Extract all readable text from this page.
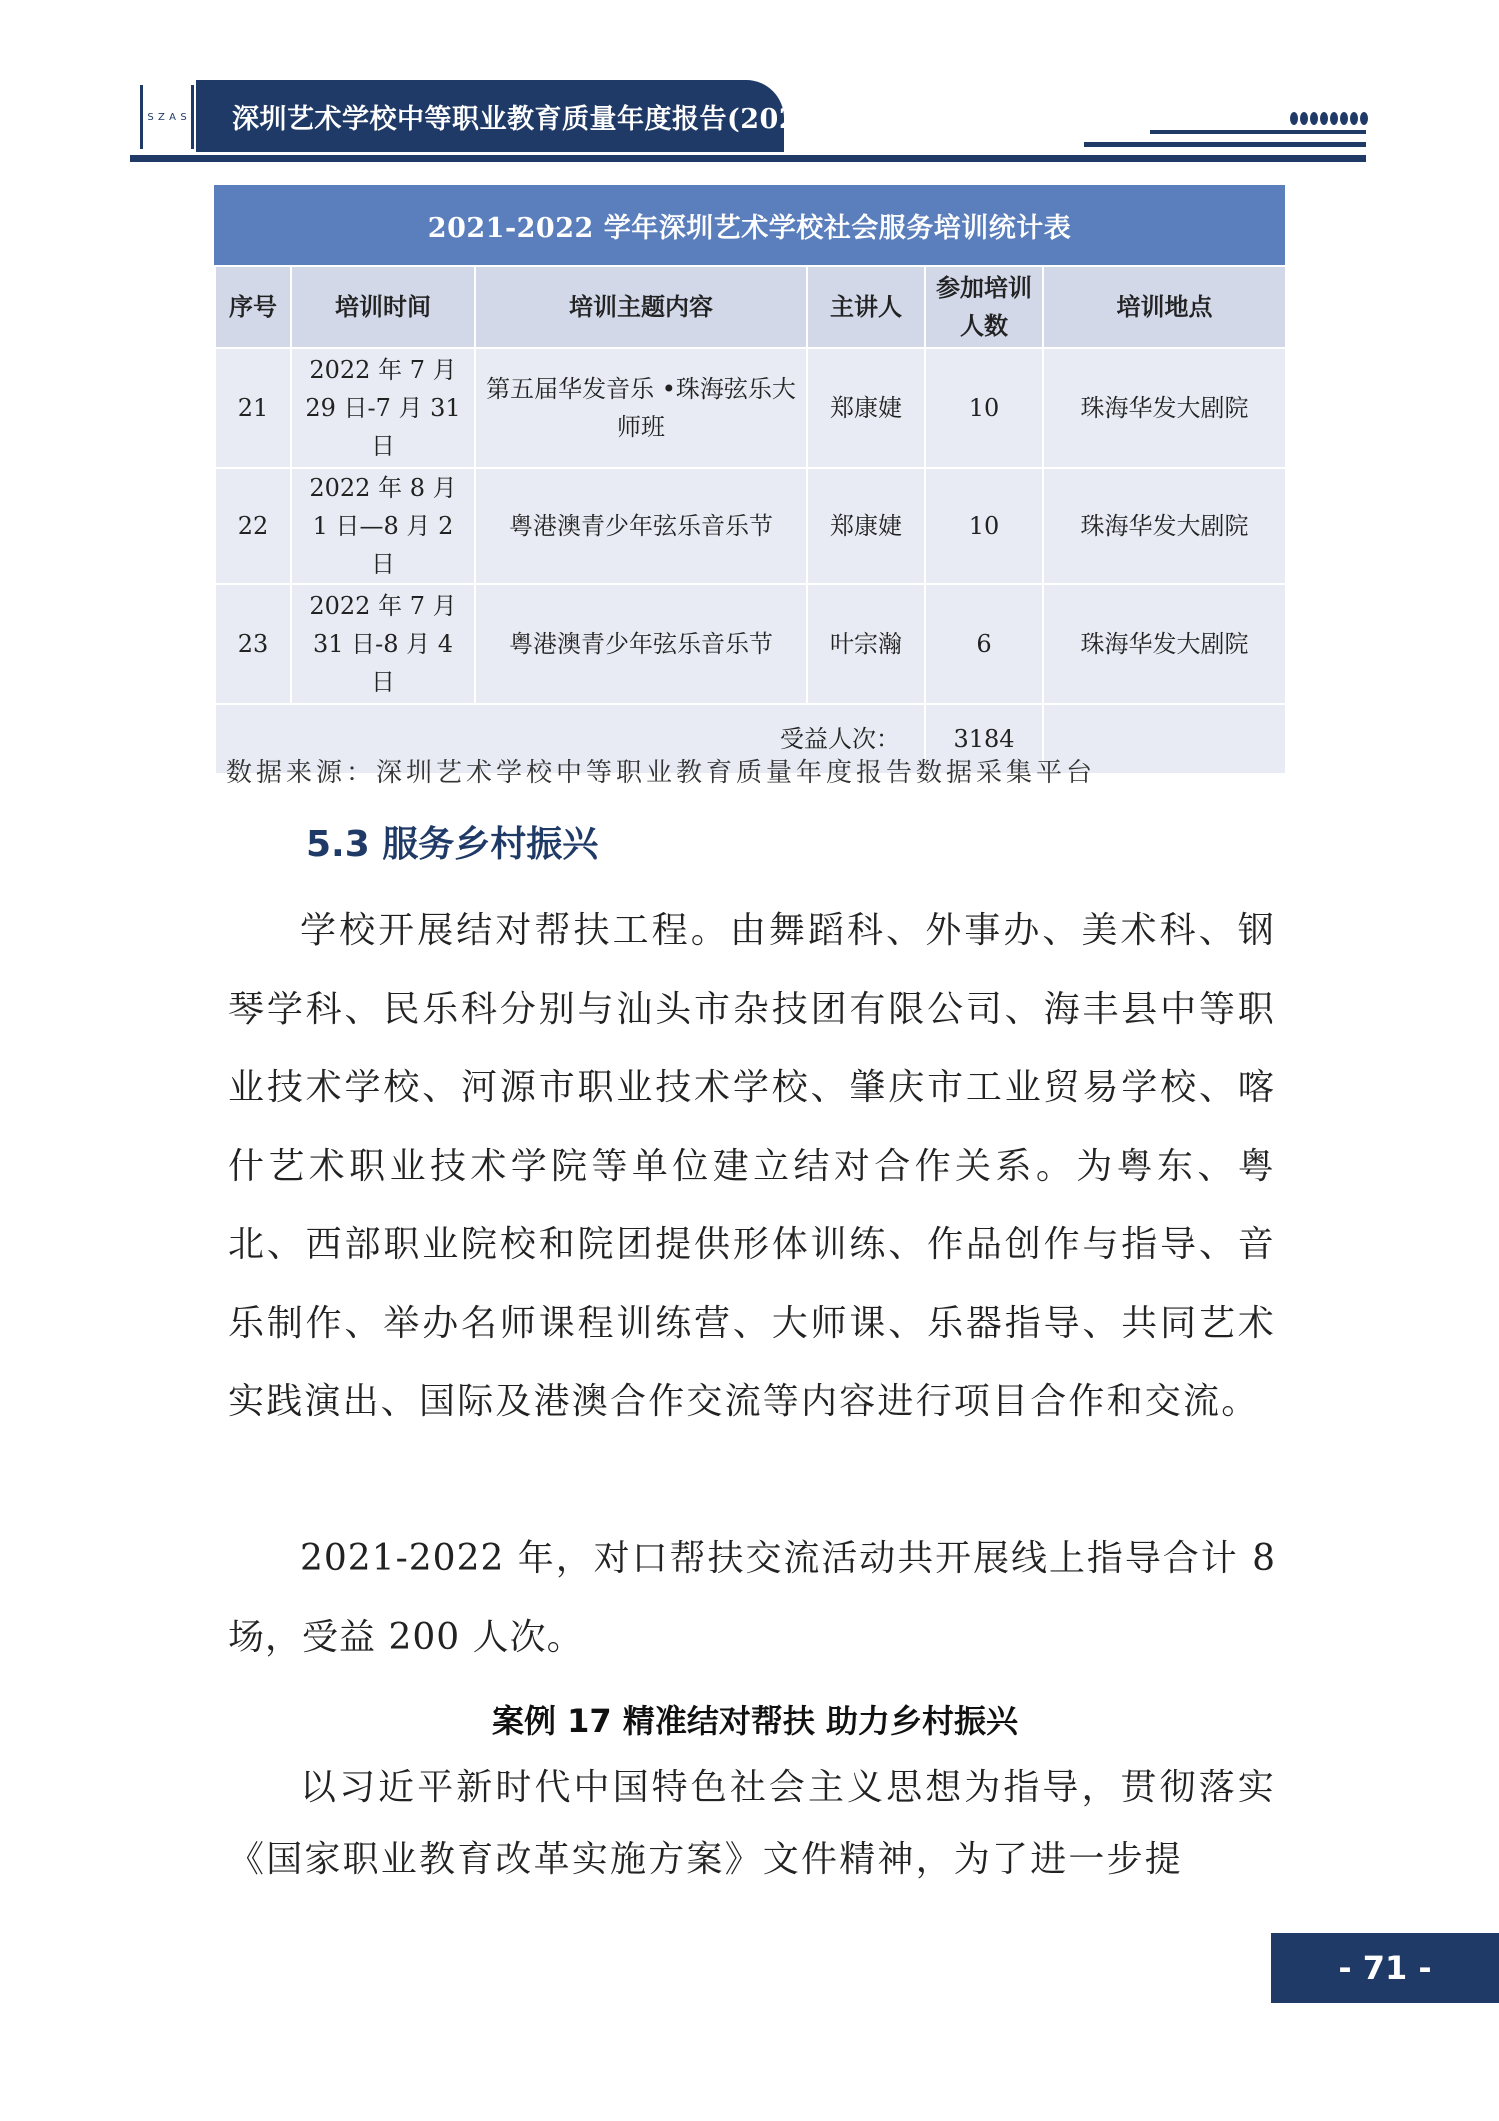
S Z A S 深圳艺术学校中等职业教育质量年度报告(2023)
2021-2022 学年深圳艺术学校社会服务培训统计表
序号	培训时间	培训主题内容	主讲人	参加培训人数	培训地点
21	2022 年 7 月 29 日-7 月 31 日	第五届华发音乐 •珠海弦乐大师班	郑康婕	10	珠海华发大剧院
22	2022 年 8 月 1 日—8 月 2 日	粤港澳青少年弦乐音乐节	郑康婕	10	珠海华发大剧院
23	2022 年 7 月 31 日-8 月 4 日	粤港澳青少年弦乐音乐节	叶宗瀚	6	珠海华发大剧院
受益人次：				3184	
数据来源：深圳艺术学校中等职业教育质量年度报告数据采集平台
5.3 服务乡村振兴

学校开展结对帮扶工程。由舞蹈科、外事办、美术科、钢琴学科、民乐科分别与汕头市杂技团有限公司、海丰县中等职业技术学校、河源市职业技术学校、肇庆市工业贸易学校、喀什艺术职业技术学院等单位建立结对合作关系。为粤东、粤北、西部职业院校和院团提供形体训练、作品创作与指导、音乐制作、举办名师课程训练营、大师课、乐器指导、共同艺术实践演出、国际及港澳合作交流等内容进行项目合作和交流。

2021-2022 年，对口帮扶交流活动共开展线上指导合计 8 场，受益 200 人次。

案例 17 精准结对帮扶 助力乡村振兴

以习近平新时代中国特色社会主义思想为指导，贯彻落实《国家职业教育改革实施方案》文件精神，为了进一步提

- 71 -
